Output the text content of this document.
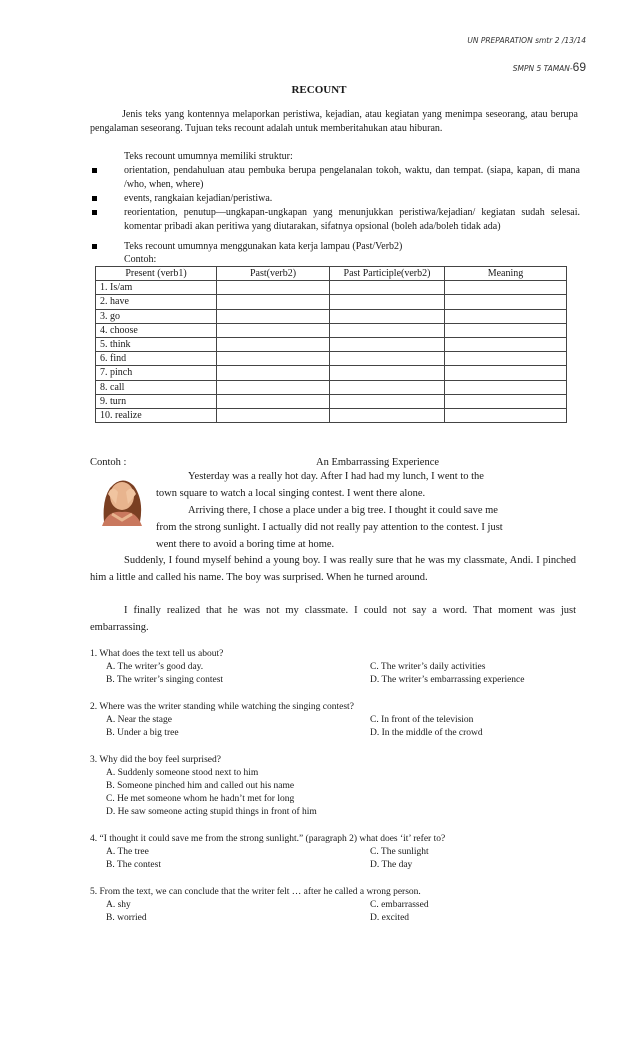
UN PREPARATION smtr 2 /13/14
SMPN 5 TAMAN-69
RECOUNT
Jenis teks yang kontennya melaporkan peristiwa, kejadian, atau kegiatan yang menimpa seseorang, atau berupa pengalaman seseorang. Tujuan teks recount adalah untuk memberitahukan atau hiburan.
Teks recount umumnya memiliki struktur:
orientation, pendahuluan atau pembuka berupa pengelanalan tokoh, waktu, dan tempat. (siapa, kapan, di mana /who, when, where)
events, rangkaian kejadian/peristiwa.
reorientation, penutup—ungkapan-ungkapan yang menunjukkan peristiwa/kejadian/ kegiatan sudah selesai. komentar pribadi akan peritiwa yang diutarakan, sifatnya opsional (boleh ada/boleh tidak ada)
Teks recount umumnya menggunakan kata kerja lampau (Past/Verb2)
Contoh:
Present (verb1)	Past(verb2)	Past Participle(verb2)	Meaning
1. Is/am			
2. have			
3. go			
4. choose			
5. think			
6. find			
7. pinch			
8. call			
9. turn			
10. realize			
Contoh :	An Embarrassing Experience
Yesterday was a really hot day. After I had had my lunch, I went to the
town square to watch a local singing contest. I went there alone.
Arriving there, I chose a place under a big tree. I thought it could save me
from the strong sunlight. I actually did not really pay attention to the contest. I just
went there to avoid a boring time at home.
Suddenly, I found myself behind a young boy. I was really sure that he was my classmate, Andi. I pinched him a little and called his name. The boy was surprised. When he turned around.
I finally realized that he was not my classmate. I could not say a word. That moment was just embarrassing.
1. What does the text tell us about?
A. The writer’s good day.
B. The writer’s singing contest
C. The writer’s daily activities
D. The writer’s embarrassing experience
2. Where was the writer standing while watching the singing contest?
A. Near the stage
B. Under a big tree
C. In front of the television
D. In the middle of the crowd
3. Why did the boy feel surprised?
A. Suddenly someone stood next to him
B. Someone pinched him and called out his name
C. He met someone whom he hadn’t met for long
D. He saw someone acting stupid things in front of him
4. “I thought it could save me from the strong sunlight.” (paragraph 2) what does ‘it’ refer to?
A. The tree
B. The contest
C. The sunlight
D. The day
5. From the text, we can conclude that the writer felt … after he called a wrong person.
A. shy
B. worried
C. embarrassed
D. excited
